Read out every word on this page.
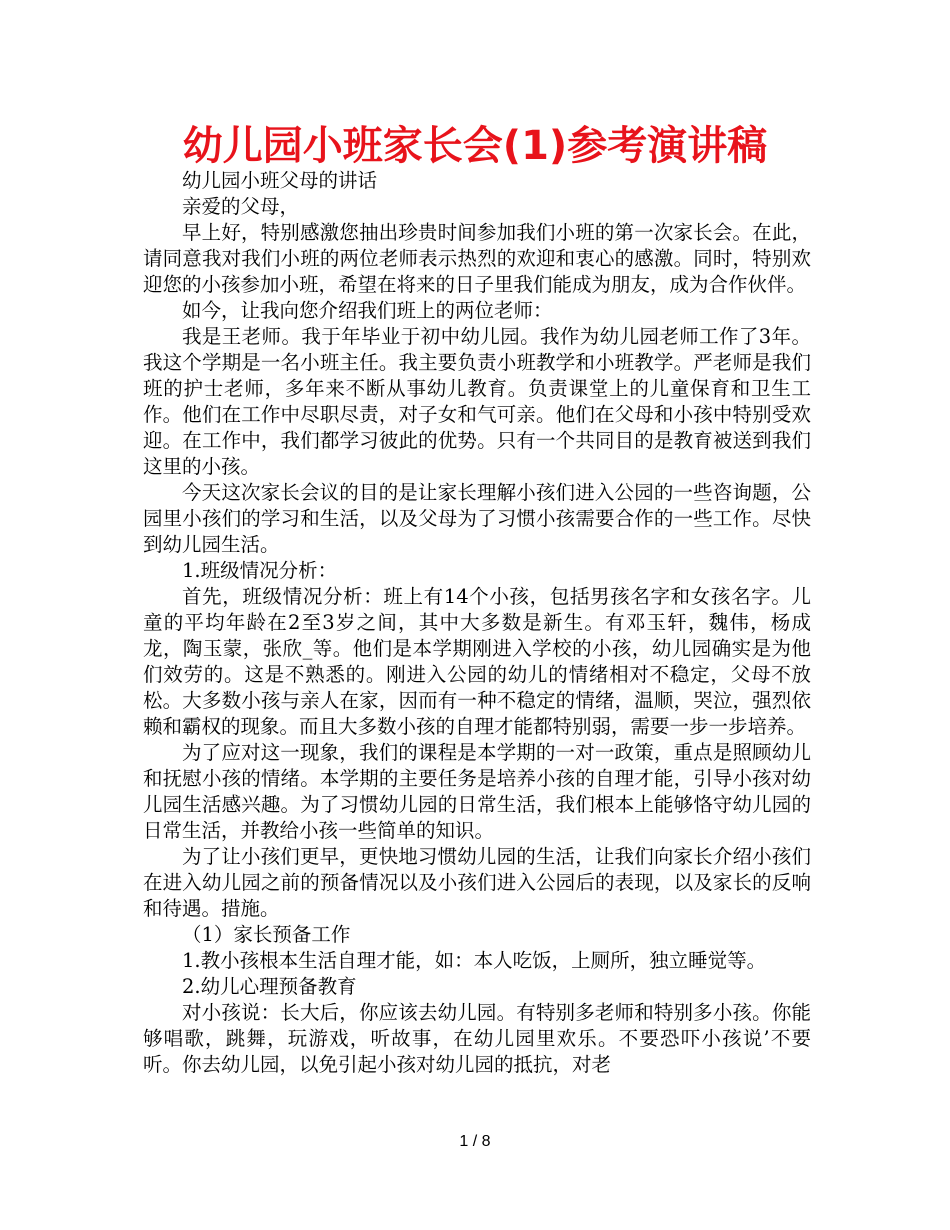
幼儿园小班家长会(1)参考演讲稿

幼儿园小班父母的讲话

亲爱的父母，

早上好，特别感激您抽出珍贵时间参加我们小班的第一次家长会。在此，请同意我对我们小班的两位老师表示热烈的欢迎和衷心的感激。同时，特别欢迎您的小孩参加小班，希望在将来的日子里我们能成为朋友，成为合作伙伴。

如今，让我向您介绍我们班上的两位老师：

我是王老师。我于年毕业于初中幼儿园。我作为幼儿园老师工作了3年。我这个学期是一名小班主任。我主要负责小班教学和小班教学。严老师是我们班的护士老师，多年来不断从事幼儿教育。负责课堂上的儿童保育和卫生工作。他们在工作中尽职尽责，对子女和气可亲。他们在父母和小孩中特别受欢迎。在工作中，我们都学习彼此的优势。只有一个共同目的是教育被送到我们这里的小孩。

今天这次家长会议的目的是让家长理解小孩们进入公园的一些咨询题，公园里小孩们的学习和生活，以及父母为了习惯小孩需要合作的一些工作。尽快到幼儿园生活。

1.班级情况分析：

首先，班级情况分析：班上有14个小孩，包括男孩名字和女孩名字。儿童的平均年龄在2至3岁之间，其中大多数是新生。有邓玉轩，魏伟，杨成龙，陶玉蒙，张欣_等。他们是本学期刚进入学校的小孩，幼儿园确实是为他们效劳的。这是不熟悉的。刚进入公园的幼儿的情绪相对不稳定，父母不放松。大多数小孩与亲人在家，因而有一种不稳定的情绪，温顺，哭泣，强烈依赖和霸权的现象。而且大多数小孩的自理才能都特别弱，需要一步一步培养。

为了应对这一现象，我们的课程是本学期的一对一政策，重点是照顾幼儿和抚慰小孩的情绪。本学期的主要任务是培养小孩的自理才能，引导小孩对幼儿园生活感兴趣。为了习惯幼儿园的日常生活，我们根本上能够恪守幼儿园的日常生活，并教给小孩一些简单的知识。

为了让小孩们更早，更快地习惯幼儿园的生活，让我们向家长介绍小孩们在进入幼儿园之前的预备情况以及小孩们进入公园后的表现，以及家长的反响和待遇。措施。

（1）家长预备工作

1.教小孩根本生活自理才能，如：本人吃饭，上厕所，独立睡觉等。

2.幼儿心理预备教育

对小孩说：长大后，你应该去幼儿园。有特别多老师和特别多小孩。你能够唱歌，跳舞，玩游戏，听故事，在幼儿园里欢乐。不要恐吓小孩说’不要听。你去幼儿园，以免引起小孩对幼儿园的抵抗，对老

1 / 8
